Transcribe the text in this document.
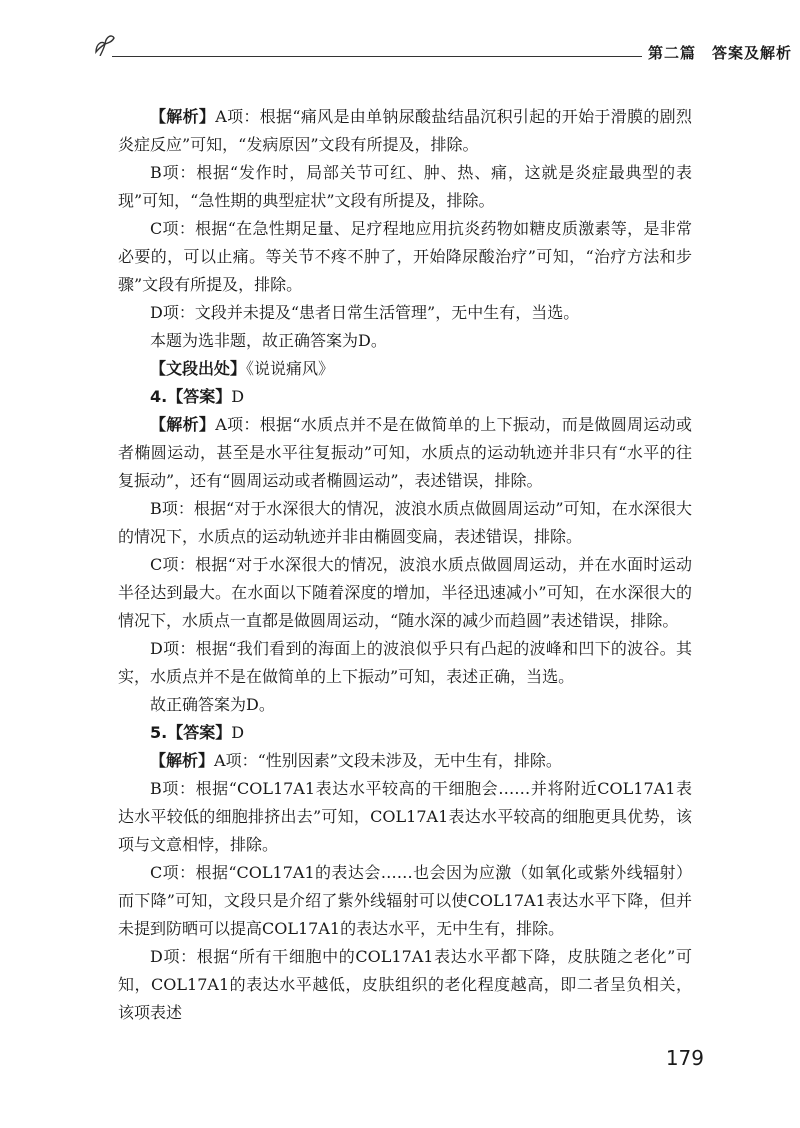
第二篇　答案及解析

【解析】A项：根据“痛风是由单钠尿酸盐结晶沉积引起的开始于滑膜的剧烈炎症反应”可知，“发病原因”文段有所提及，排除。

B项：根据“发作时，局部关节可红、肿、热、痛，这就是炎症最典型的表现”可知，“急性期的典型症状”文段有所提及，排除。

C项：根据“在急性期足量、足疗程地应用抗炎药物如糖皮质激素等，是非常必要的，可以止痛。等关节不疼不肿了，开始降尿酸治疗”可知，“治疗方法和步骤”文段有所提及，排除。

D项：文段并未提及“患者日常生活管理”，无中生有，当选。

本题为选非题，故正确答案为D。

【文段出处】《说说痛风》

4.【答案】D

【解析】A项：根据“水质点并不是在做简单的上下振动，而是做圆周运动或者椭圆运动，甚至是水平往复振动”可知，水质点的运动轨迹并非只有“水平的往复振动”，还有“圆周运动或者椭圆运动”，表述错误，排除。

B项：根据“对于水深很大的情况，波浪水质点做圆周运动”可知，在水深很大的情况下，水质点的运动轨迹并非由椭圆变扁，表述错误，排除。

C项：根据“对于水深很大的情况，波浪水质点做圆周运动，并在水面时运动半径达到最大。在水面以下随着深度的增加，半径迅速减小”可知，在水深很大的情况下，水质点一直都是做圆周运动，“随水深的减少而趋圆”表述错误，排除。

D项：根据“我们看到的海面上的波浪似乎只有凸起的波峰和凹下的波谷。其实，水质点并不是在做简单的上下振动”可知，表述正确，当选。

故正确答案为D。

5.【答案】D

【解析】A项：“性别因素”文段未涉及，无中生有，排除。

B项：根据“COL17A1表达水平较高的干细胞会……并将附近COL17A1表达水平较低的细胞排挤出去”可知，COL17A1表达水平较高的细胞更具优势，该项与文意相悖，排除。

C项：根据“COL17A1的表达会……也会因为应激（如氧化或紫外线辐射）而下降”可知，文段只是介绍了紫外线辐射可以使COL17A1表达水平下降，但并未提到防晒可以提高COL17A1的表达水平，无中生有，排除。

D项：根据“所有干细胞中的COL17A1表达水平都下降，皮肤随之老化”可知，COL17A1的表达水平越低，皮肤组织的老化程度越高，即二者呈负相关，该项表述

179
